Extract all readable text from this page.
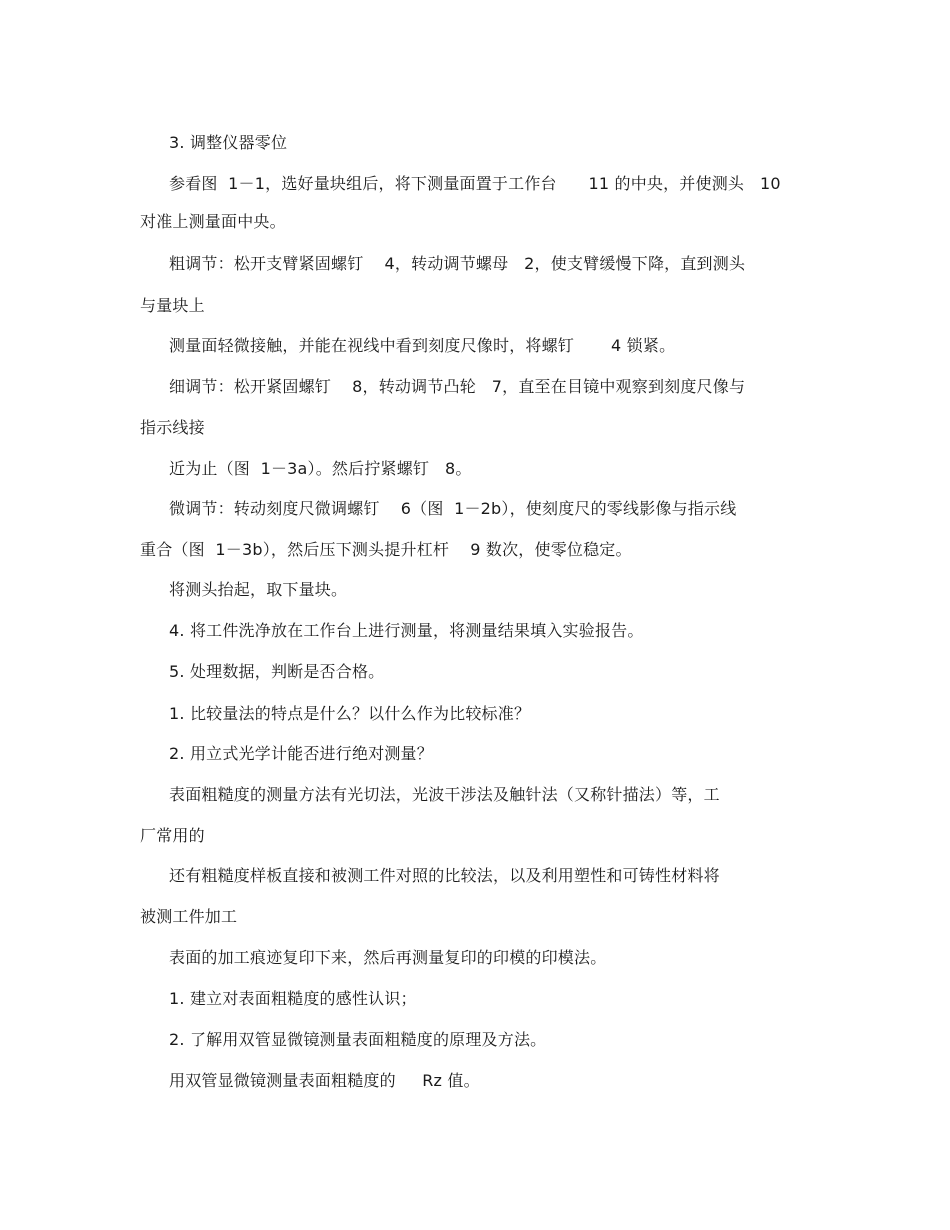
3. 调整仪器零位
参看图  1－1，选好量块组后，将下测量面置于工作台      11 的中央，并使测头   10
对准上测量面中央。
粗调节：松开支臂紧固螺钉    4，转动调节螺母   2，使支臂缓慢下降，直到测头
与量块上
测量面轻微接触，并能在视线中看到刻度尺像时，将螺钉       4 锁紧。
细调节：松开紧固螺钉    8，转动调节凸轮   7，直至在目镜中观察到刻度尺像与
指示线接
近为止（图  1－3a）。然后拧紧螺钉   8。
微调节：转动刻度尺微调螺钉    6（图  1－2b），使刻度尺的零线影像与指示线
重合（图  1－3b），然后压下测头提升杠杆    9 数次，使零位稳定。
将测头抬起，取下量块。
4. 将工件洗净放在工作台上进行测量，将测量结果填入实验报告。
5. 处理数据，判断是否合格。
1. 比较量法的特点是什么？以什么作为比较标准？
2. 用立式光学计能否进行绝对测量？
表面粗糙度的测量方法有光切法，光波干涉法及触针法（又称针描法）等，工
厂常用的
还有粗糙度样板直接和被测工件对照的比较法，以及利用塑性和可铸性材料将
被测工件加工
表面的加工痕迹复印下来，然后再测量复印的印模的印模法。
1. 建立对表面粗糙度的感性认识；
2. 了解用双管显微镜测量表面粗糙度的原理及方法。
用双管显微镜测量表面粗糙度的     Rz 值。
